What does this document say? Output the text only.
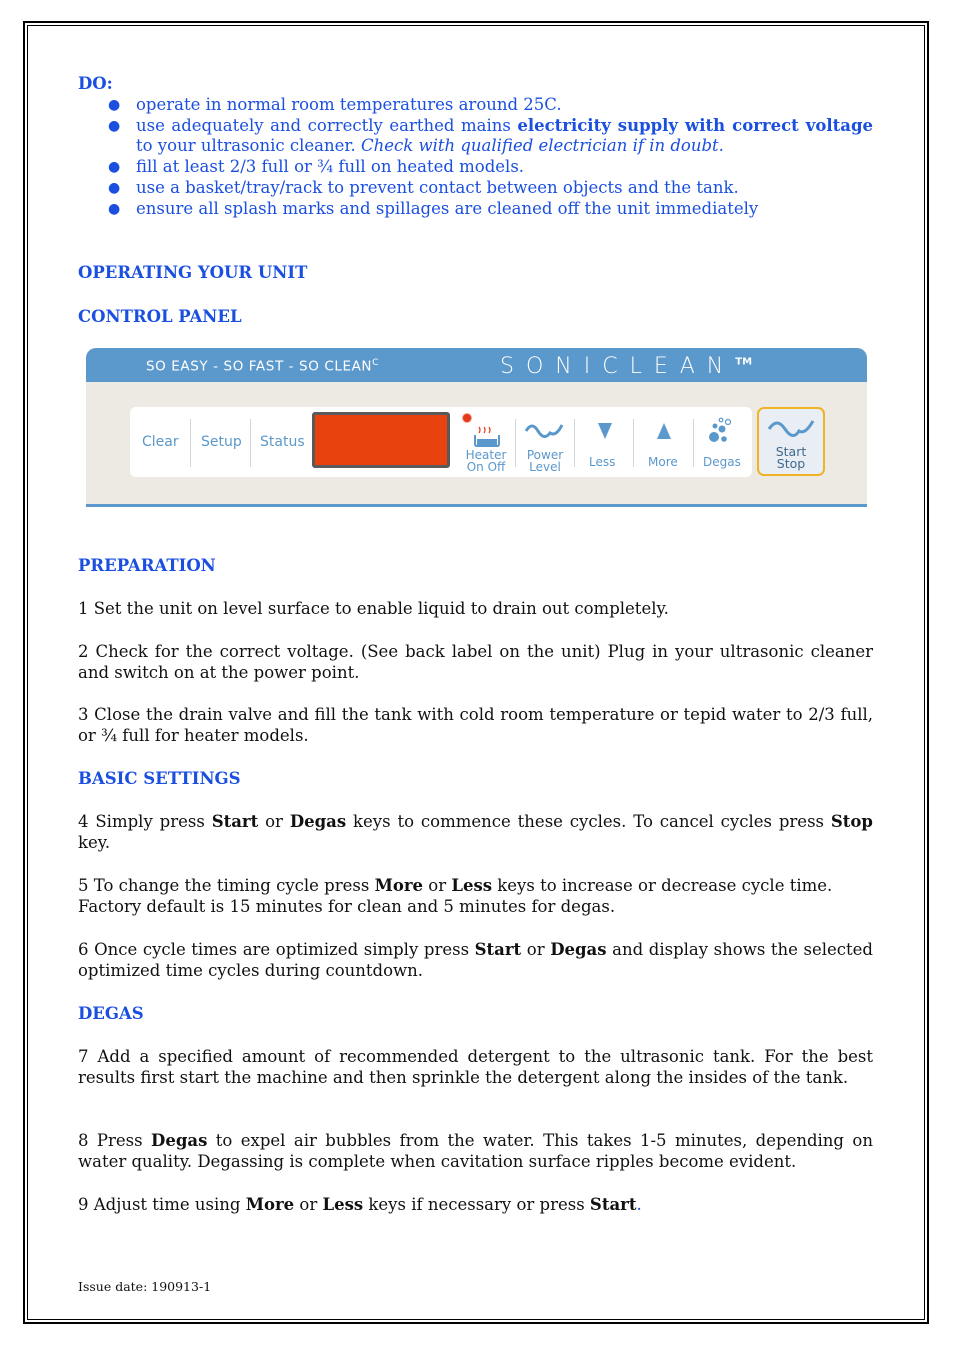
DO:
● operate in normal room temperatures around 25C.
● use adequately and correctly earthed mains electricity supply with correct voltage to your ultrasonic cleaner. Check with qualified electrician if in doubt.
● fill at least 2/3 full or ¾ full on heated models.
● use a basket/tray/rack to prevent contact between objects and the tank.
● ensure all splash marks and spillages are cleaned off the unit immediately
OPERATING YOUR UNIT
CONTROL PANEL
PREPARATION

1 Set the unit on level surface to enable liquid to drain out completely.

2 Check for the correct voltage. (See back label on the unit) Plug in your ultrasonic cleaner and switch on at the power point.

3 Close the drain valve and fill the tank with cold room temperature or tepid water to 2/3 full, or ¾ full for heater models.

BASIC SETTINGS

4 Simply press Start or Degas keys to commence these cycles. To cancel cycles press Stop key.

5 To change the timing cycle press More or Less keys to increase or decrease cycle time. Factory default is 15 minutes for clean and 5 minutes for degas.

6 Once cycle times are optimized simply press Start or Degas and display shows the selected optimized time cycles during countdown.

DEGAS

7 Add a specified amount of recommended detergent to the ultrasonic tank. For the best results first start the machine and then sprinkle the detergent along the insides of the tank.

8 Press Degas to expel air bubbles from the water. This takes 1-5 minutes, depending on water quality. Degassing is complete when cavitation surface ripples become evident.

9 Adjust time using More or Less keys if necessary or press Start.

SO EASY - SO FAST - SO $CLEAN^C$	SONICLEAN™
Clear Setup Status
Heater
On Off
Power
Level	Less	More Degas
Start
Stop
Issue date: 190913-1
